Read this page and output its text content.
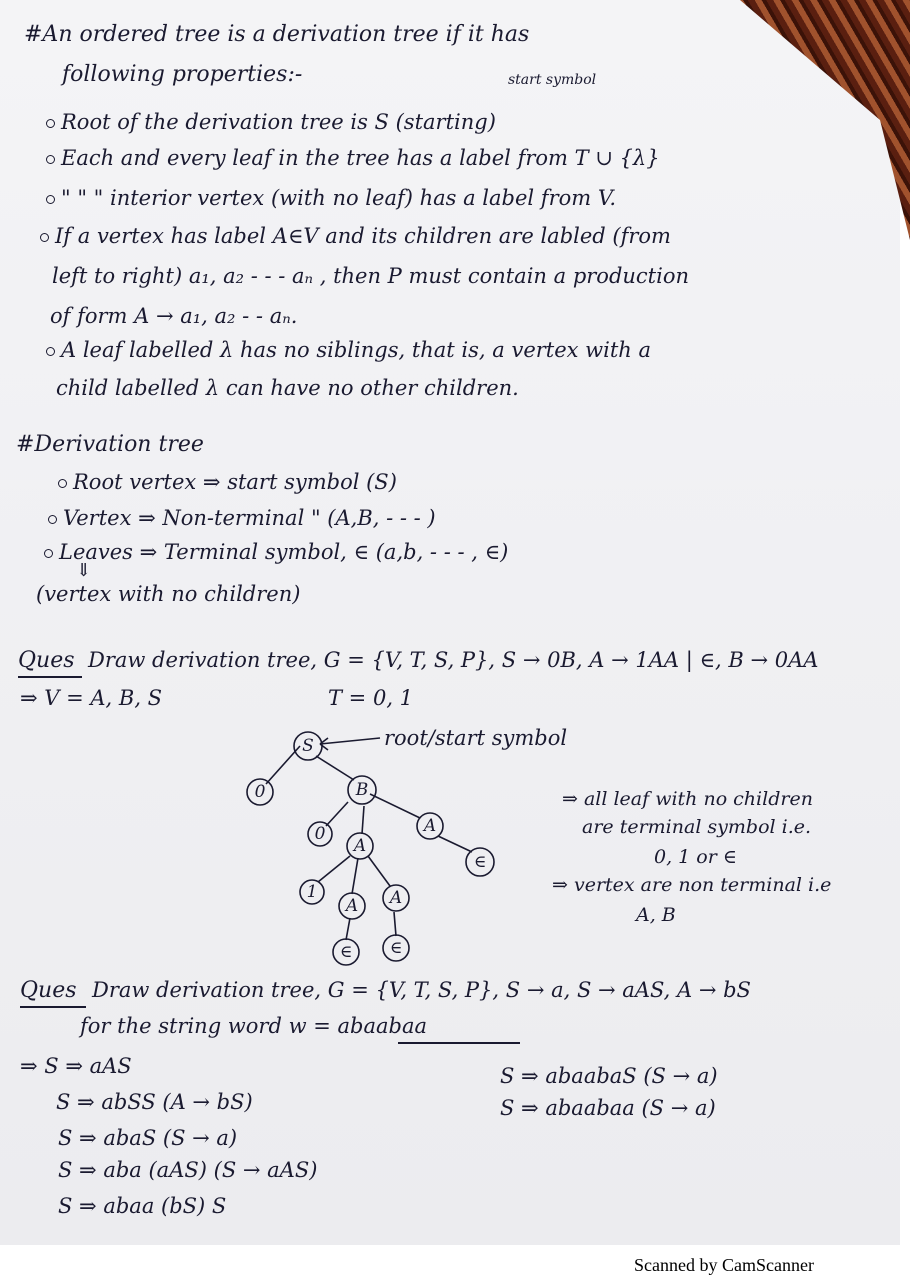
#An ordered tree is a derivation tree if it has
following properties:-	start symbol
Root of the derivation tree is S (starting)
Each and every leaf in the tree has a label from T ∪ {λ}
" " " interior vertex (with no leaf) has a label from V.
If a vertex has label A∈V and its children are labled (from
left to right) a₁, a₂ - - - aₙ , then P must contain a production
of form A → a₁, a₂ - - aₙ.
A leaf labelled λ has no siblings, that is, a vertex with a
child labelled λ can have no other children.
#Derivation tree
Root vertex ⇒ start symbol (S)
Vertex ⇒ Non-terminal " (A,B, - - - )
Leaves ⇒ Terminal symbol, ∈ (a,b, - - - , ∈)
⇓
(vertex with no children)
Ques Draw derivation tree, G = {V, T, S, P}, S → 0B, A → 1AA | ∈, B → 0AA
⇒ V = A, B, S	T = 0, 1
S
0	B
0
A
A
∈
1
A A
∈ ∈
root/start symbol
⇒ all leaf with no children
are terminal symbol i.e.
0, 1 or ∈
⇒ vertex are non terminal i.e
A, B
Ques Draw derivation tree, G = {V, T, S, P}, S → a, S → aAS, A → bS
for the string word w = abaabaa
⇒ S ⇒ aAS
S ⇒ abSS (A → bS)
S ⇒ abaS (S → a)
S ⇒ aba (aAS) (S → aAS)
S ⇒ abaa (bS) S
S ⇒ abaabaS (S → a)
S ⇒ abaabaa (S → a)
Scanned by CamScanner
